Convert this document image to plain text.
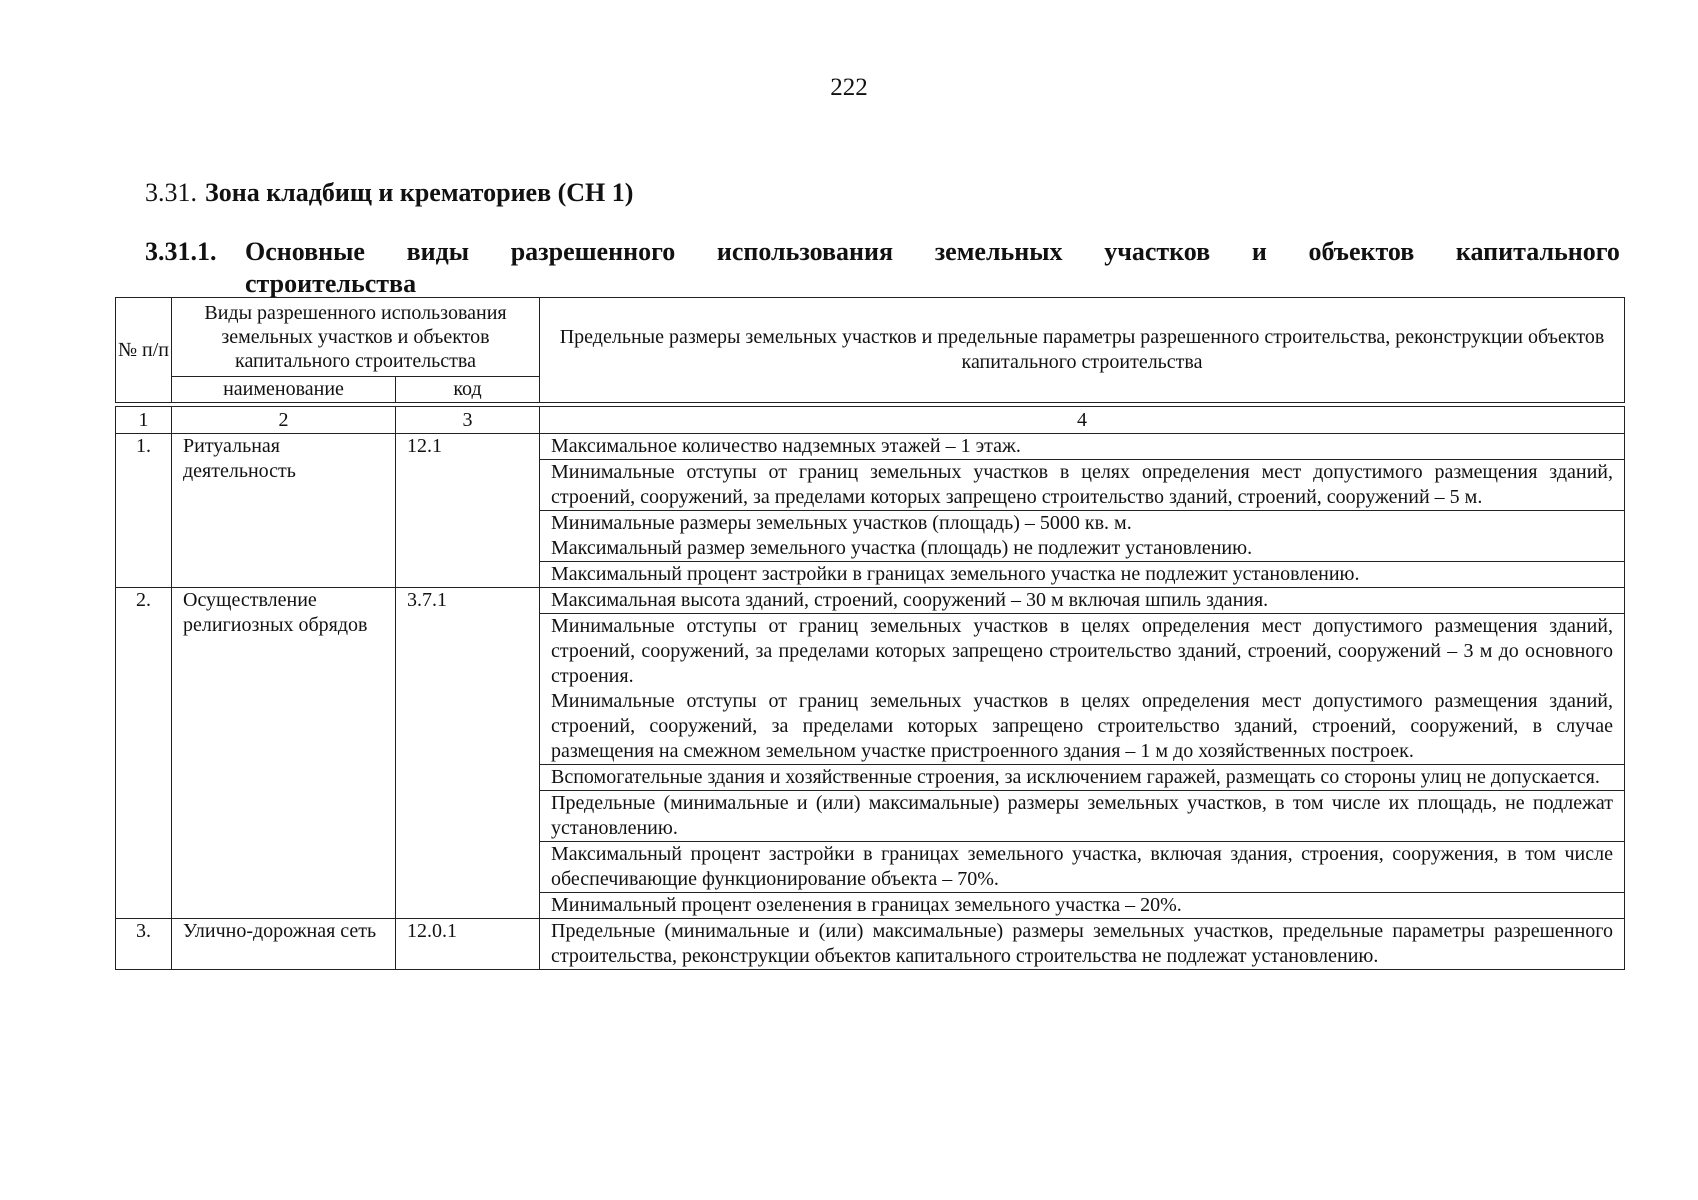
222
3.31. Зона кладбищ и крематориев (СН 1)
3.31.1. Основные виды разрешенного использования земельных участков и объектов капитального
строительства
№ п/п	Виды разрешенного использования земельных участков и объектов капитального строительства		Предельные размеры земельных участков и предельные параметры разрешенного строительства, реконструкции объектов капитального строительства
	наименование	код	
1	2	3	4
1.	Ритуальная деятельность	12.1	Максимальное количество надземных этажей – 1 этаж.

			Минимальные отступы от границ земельных участков в целях определения мест допустимого размещения зданий, строений, сооружений, за пределами которых запрещено строительство зданий, строений, сооружений – 5 м.

			Минимальные размеры земельных участков (площадь) – 5000 кв. м.
Максимальный размер земельного участка (площадь) не подлежит установлению.

			Максимальный процент застройки в границах земельного участка не подлежит установлению.

2.	Осуществление религиозных обрядов	3.7.1	Максимальная высота зданий, строений, сооружений – 30 м включая шпиль здания.

			Минимальные отступы от границ земельных участков в целях определения мест допустимого размещения зданий, строений, сооружений, за пределами которых запрещено строительство зданий, строений, сооружений – 3 м до основного строения.
Минимальные отступы от границ земельных участков в целях определения мест допустимого размещения зданий, строений, сооружений, за пределами которых запрещено строительство зданий, строений, сооружений, в случае размещения на смежном земельном участке пристроенного здания – 1 м до хозяйственных построек.

			Вспомогательные здания и хозяйственные строения, за исключением гаражей, размещать со стороны улиц не допускается.

			Предельные (минимальные и (или) максимальные) размеры земельных участков, в том числе их площадь, не подлежат установлению.

			Максимальный процент застройки в границах земельного участка, включая здания, строения, сооружения, в том числе обеспечивающие функционирование объекта – 70%.

			Минимальный процент озеленения в границах земельного участка – 20%.

3.	Улично-дорожная сеть	12.0.1	Предельные (минимальные и (или) максимальные) размеры земельных участков, предельные параметры разрешенного строительства, реконструкции объектов капитального строительства не подлежат установлению.
